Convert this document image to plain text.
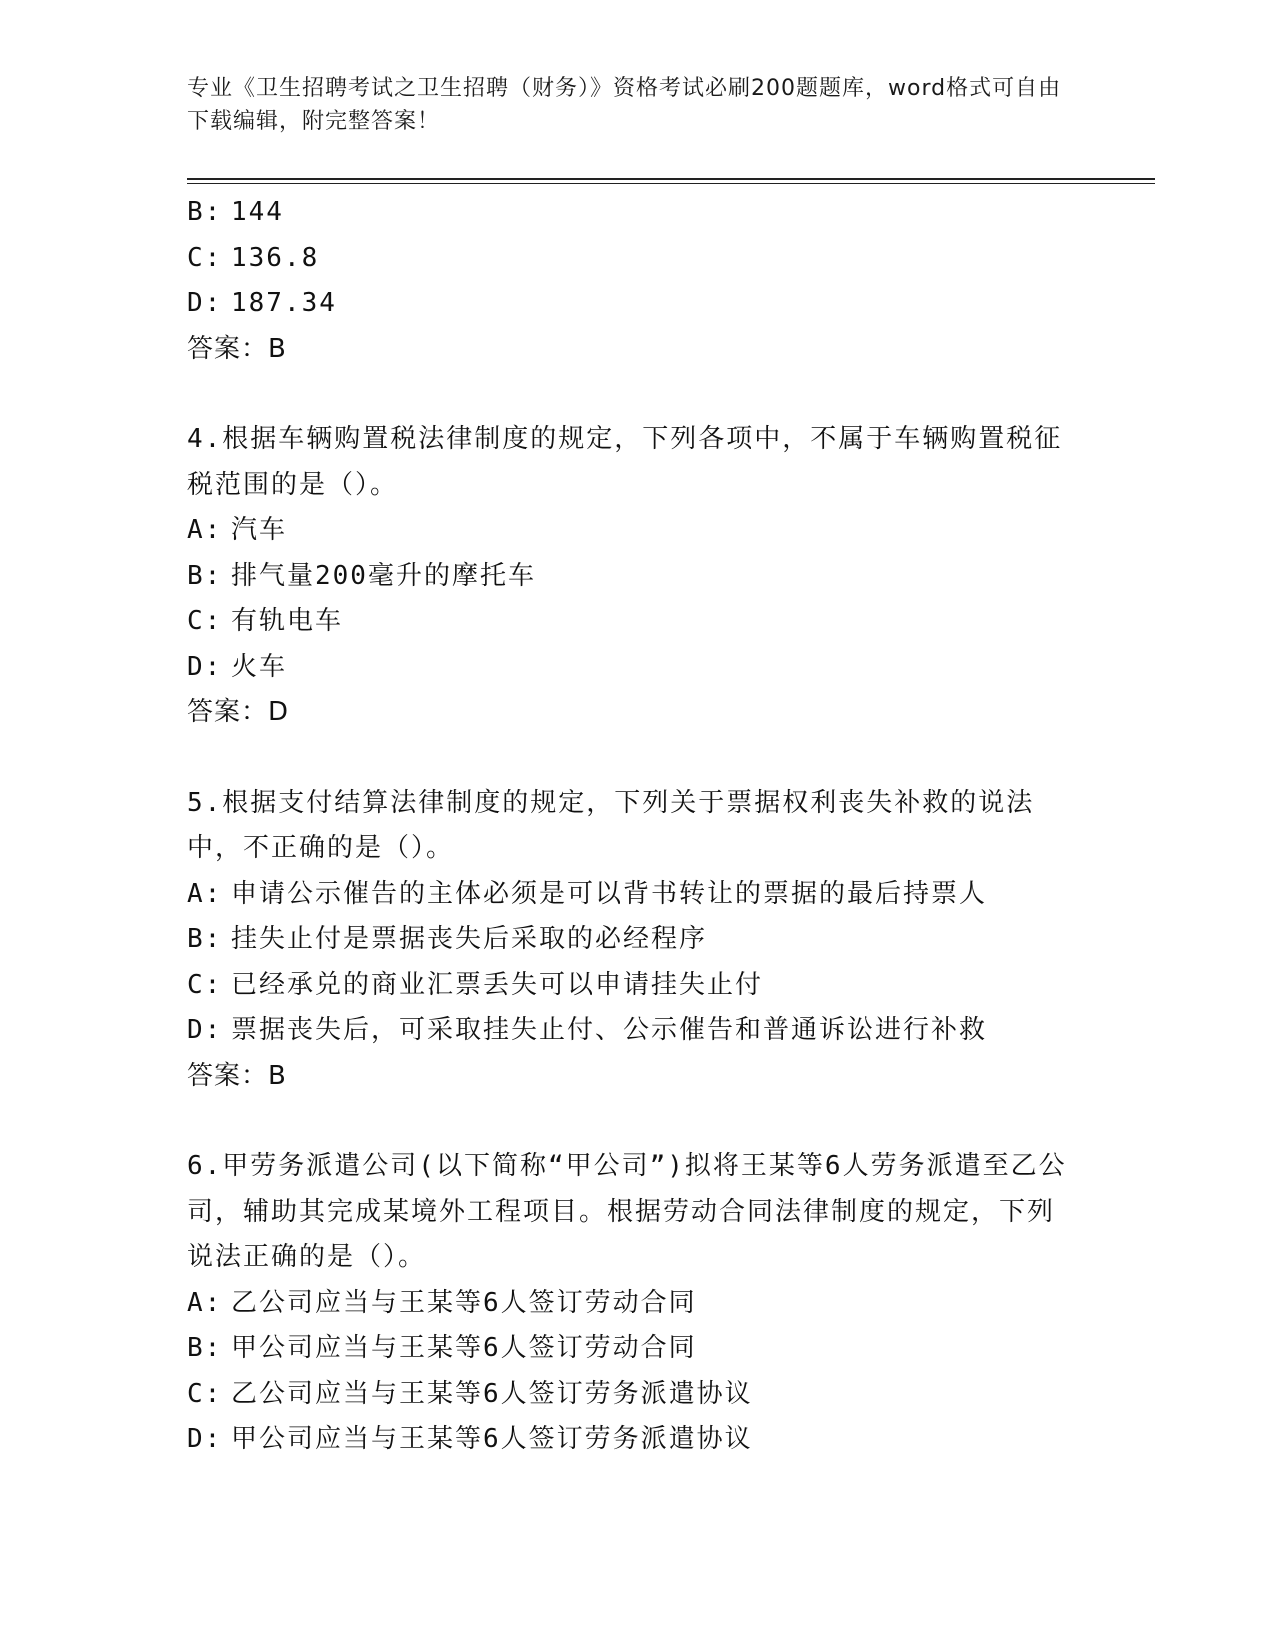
专业《卫生招聘考试之卫生招聘（财务）》资格考试必刷200题题库，word格式可自由下载编辑，附完整答案！
B: 144
C: 136.8
D: 187.34
答案：B
4.根据车辆购置税法律制度的规定，下列各项中，不属于车辆购置税征税范围的是（）。
A: 汽车
B: 排气量200毫升的摩托车
C: 有轨电车
D: 火车
答案：D
5.根据支付结算法律制度的规定，下列关于票据权利丧失补救的说法中，不正确的是（）。
A: 申请公示催告的主体必须是可以背书转让的票据的最后持票人
B: 挂失止付是票据丧失后采取的必经程序
C: 已经承兑的商业汇票丢失可以申请挂失止付
D: 票据丧失后，可采取挂失止付、公示催告和普通诉讼进行补救
答案：B
6.甲劳务派遣公司(以下简称“甲公司”)拟将王某等6人劳务派遣至乙公司，辅助其完成某境外工程项目。根据劳动合同法律制度的规定，下列说法正确的是（）。
A: 乙公司应当与王某等6人签订劳动合同
B: 甲公司应当与王某等6人签订劳动合同
C: 乙公司应当与王某等6人签订劳务派遣协议
D: 甲公司应当与王某等6人签订劳务派遣协议
